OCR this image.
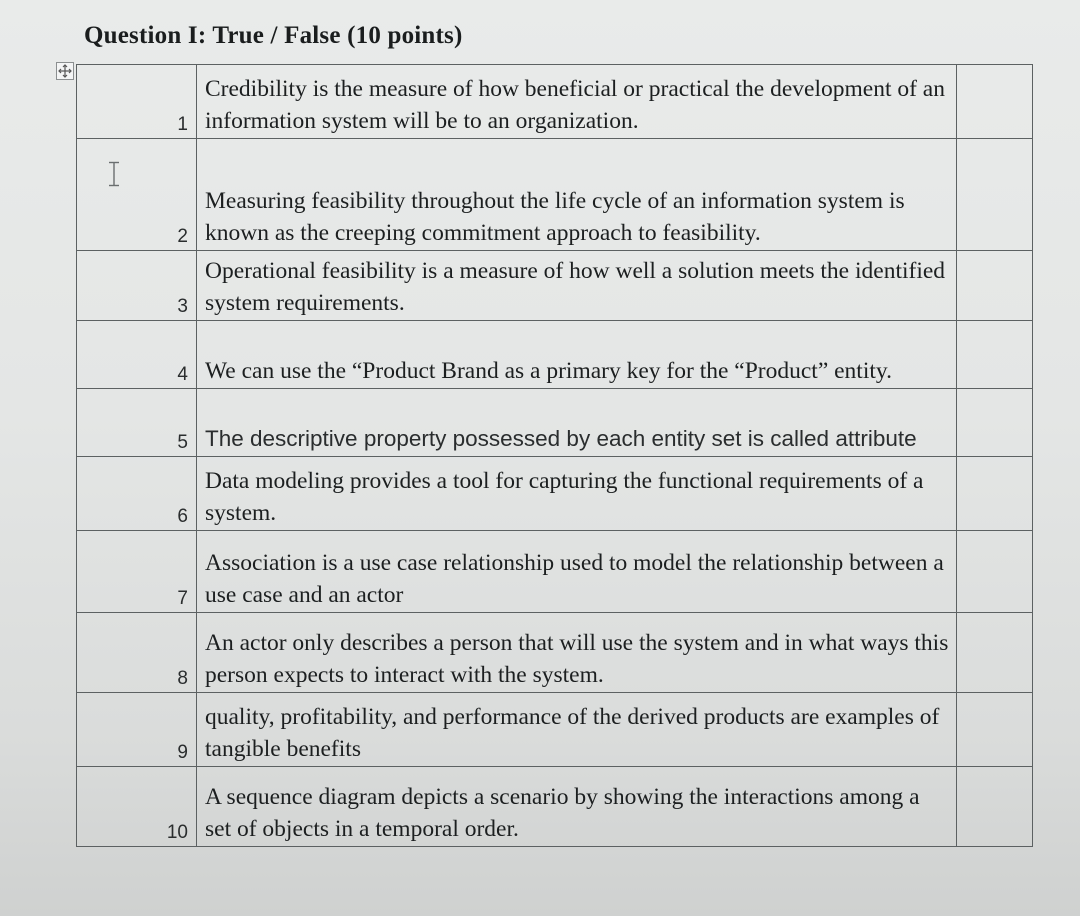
Question I: True / False (10 points)
1	Credibility is the measure of how beneficial or practical the development of an information system will be to an organization.	

2	Measuring feasibility throughout the life cycle of an information system is known as the creeping commitment approach to feasibility.	
3	Operational feasibility is a measure of how well a solution meets the identified system requirements.	
4	We can use the “Product Brand as a primary key for the “Product” entity.	
5	The descriptive property possessed by each entity set is called attribute	
6	Data modeling provides a tool for capturing the functional requirements of a system.	
7	Association is a use case relationship used to model the relationship between a use case and an actor	
8	An actor only describes a person that will use the system and in what ways this person expects to interact with the system.	
9	quality, profitability, and performance of the derived products are examples of tangible benefits	
10	A sequence diagram depicts a scenario by showing the interactions among a set of objects in a temporal order.	
